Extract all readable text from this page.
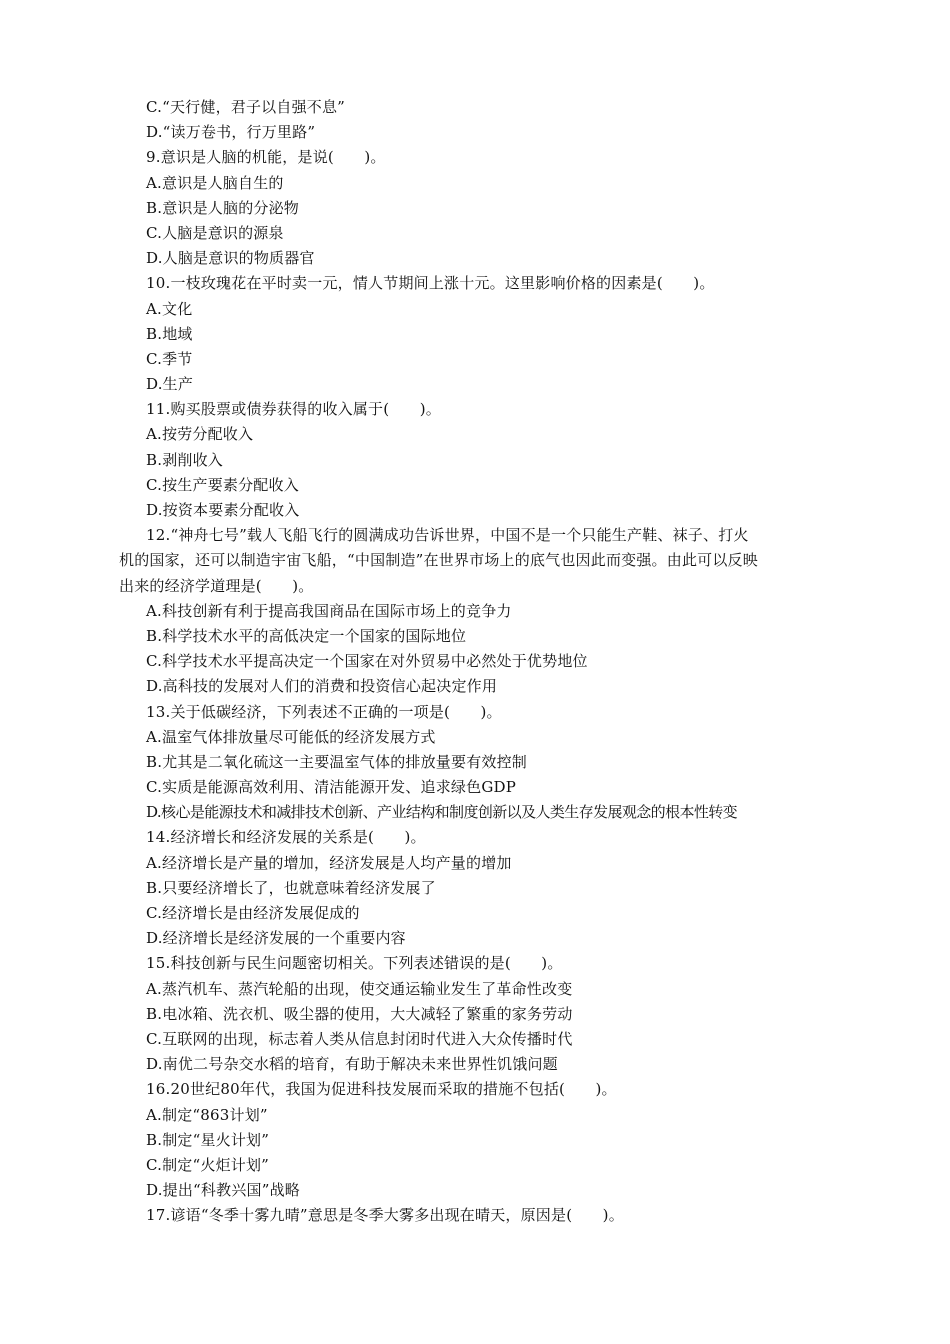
C.“天行健，君子以自强不息”
D.“读万卷书，行万里路”
9.意识是人脑的机能，是说(　　)。
A.意识是人脑自生的
B.意识是人脑的分泌物
C.人脑是意识的源泉
D.人脑是意识的物质器官
10.一枝玫瑰花在平时卖一元，情人节期间上涨十元。这里影响价格的因素是(　　)。
A.文化
B.地域
C.季节
D.生产
11.购买股票或债券获得的收入属于(　　)。
A.按劳分配收入
B.剥削收入
C.按生产要素分配收入
D.按资本要素分配收入
12.“神舟七号”载人飞船飞行的圆满成功告诉世界，中国不是一个只能生产鞋、袜子、打火
机的国家，还可以制造宇宙飞船，“中国制造”在世界市场上的底气也因此而变强。由此可以反映
出来的经济学道理是(　　)。
A.科技创新有利于提高我国商品在国际市场上的竞争力
B.科学技术水平的高低决定一个国家的国际地位
C.科学技术水平提高决定一个国家在对外贸易中必然处于优势地位
D.高科技的发展对人们的消费和投资信心起决定作用
13.关于低碳经济，下列表述不正确的一项是(　　)。
A.温室气体排放量尽可能低的经济发展方式
B.尤其是二氧化硫这一主要温室气体的排放量要有效控制
C.实质是能源高效利用、清洁能源开发、追求绿色GDP
D.核心是能源技术和减排技术创新、产业结构和制度创新以及人类生存发展观念的根本性转变
14.经济增长和经济发展的关系是(　　)。
A.经济增长是产量的增加，经济发展是人均产量的增加
B.只要经济增长了，也就意味着经济发展了
C.经济增长是由经济发展促成的
D.经济增长是经济发展的一个重要内容
15.科技创新与民生问题密切相关。下列表述错误的是(　　)。
A.蒸汽机车、蒸汽轮船的出现，使交通运输业发生了革命性改变
B.电冰箱、洗衣机、吸尘器的使用，大大减轻了繁重的家务劳动
C.互联网的出现，标志着人类从信息封闭时代进入大众传播时代
D.南优二号杂交水稻的培育，有助于解决未来世界性饥饿问题
16.20世纪80年代，我国为促进科技发展而采取的措施不包括(　　)。
A.制定“863计划”
B.制定“星火计划”
C.制定“火炬计划”
D.提出“科教兴国”战略
17.谚语“冬季十雾九晴”意思是冬季大雾多出现在晴天，原因是(　　)。
